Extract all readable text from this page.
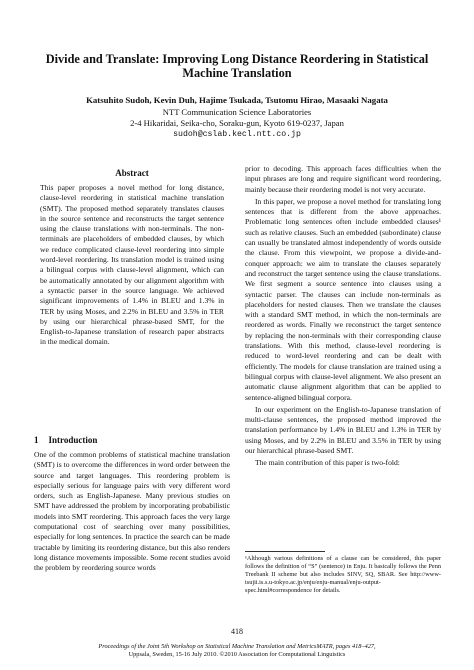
Divide and Translate: Improving Long Distance Reordering in Statistical
Machine Translation
Katsuhito Sudoh, Kevin Duh, Hajime Tsukada, Tsutomu Hirao, Masaaki Nagata
NTT Communication Science Laboratories
2-4 Hikaridai, Seika-cho, Soraku-gun, Kyoto 619-0237, Japan
sudoh@cslab.kecl.ntt.co.jp
Abstract
This paper proposes a novel method for long distance, clause-level reordering in statistical machine translation (SMT). The proposed method separately translates clauses in the source sentence and reconstructs the target sentence using the clause translations with non-terminals. The non-terminals are placeholders of embedded clauses, by which we reduce complicated clause-level reordering into simple word-level reordering. Its translation model is trained using a bilingual corpus with clause-level alignment, which can be automatically annotated by our alignment algorithm with a syntactic parser in the source language. We achieved significant improvements of 1.4% in BLEU and 1.3% in TER by using Moses, and 2.2% in BLEU and 3.5% in TER by using our hierarchical phrase-based SMT, for the English-to-Japanese translation of research paper abstracts in the medical domain.
1 Introduction
One of the common problems of statistical machine translation (SMT) is to overcome the differences in word order between the source and target languages. This reordering problem is especially serious for language pairs with very different word orders, such as English-Japanese. Many previous studies on SMT have addressed the problem by incorporating probabilistic models into SMT reordering. This approach faces the very large computational cost of searching over many possibilities, especially for long sentences. In practice the search can be made tractable by limiting its reordering distance, but this also renders long distance movements impossible. Some recent studies avoid the problem by reordering source words

prior to decoding. This approach faces difficulties when the input phrases are long and require significant word reordering, mainly because their reordering model is not very accurate.

In this paper, we propose a novel method for translating long sentences that is different from the above approaches. Problematic long sentences often include embedded clauses¹ such as relative clauses. Such an embedded (subordinate) clause can usually be translated almost independently of words outside the clause. From this viewpoint, we propose a divide-and-conquer approach: we aim to translate the clauses separately and reconstruct the target sentence using the clause translations. We first segment a source sentence into clauses using a syntactic parser. The clauses can include non-terminals as placeholders for nested clauses. Then we translate the clauses with a standard SMT method, in which the non-terminals are reordered as words. Finally we reconstruct the target sentence by replacing the non-terminals with their corresponding clause translations. With this method, clause-level reordering is reduced to word-level reordering and can be dealt with efficiently. The models for clause translation are trained using a bilingual corpus with clause-level alignment. We also present an automatic clause alignment algorithm that can be applied to sentence-aligned bilingual corpora.

In our experiment on the English-to-Japanese translation of multi-clause sentences, the proposed method improved the translation performance by 1.4% in BLEU and 1.3% in TER by using Moses, and by 2.2% in BLEU and 3.5% in TER by using our hierarchical phrase-based SMT.

The main contribution of this paper is two-fold:

¹Although various definitions of a clause can be considered, this paper follows the definition of “S” (sentence) in Enju. It basically follows the Penn Treebank II scheme but also includes SINV, SQ, SBAR. See http://www-tsujii.is.s.u-tokyo.ac.jp/enju/enju-manual/enju-output-spec.html#correspondence for details.
418
Proceedings of the Joint 5th Workshop on Statistical Machine Translation and MetricsMATR, pages 418–427,
Uppsala, Sweden, 15-16 July 2010. ©2010 Association for Computational Linguistics
